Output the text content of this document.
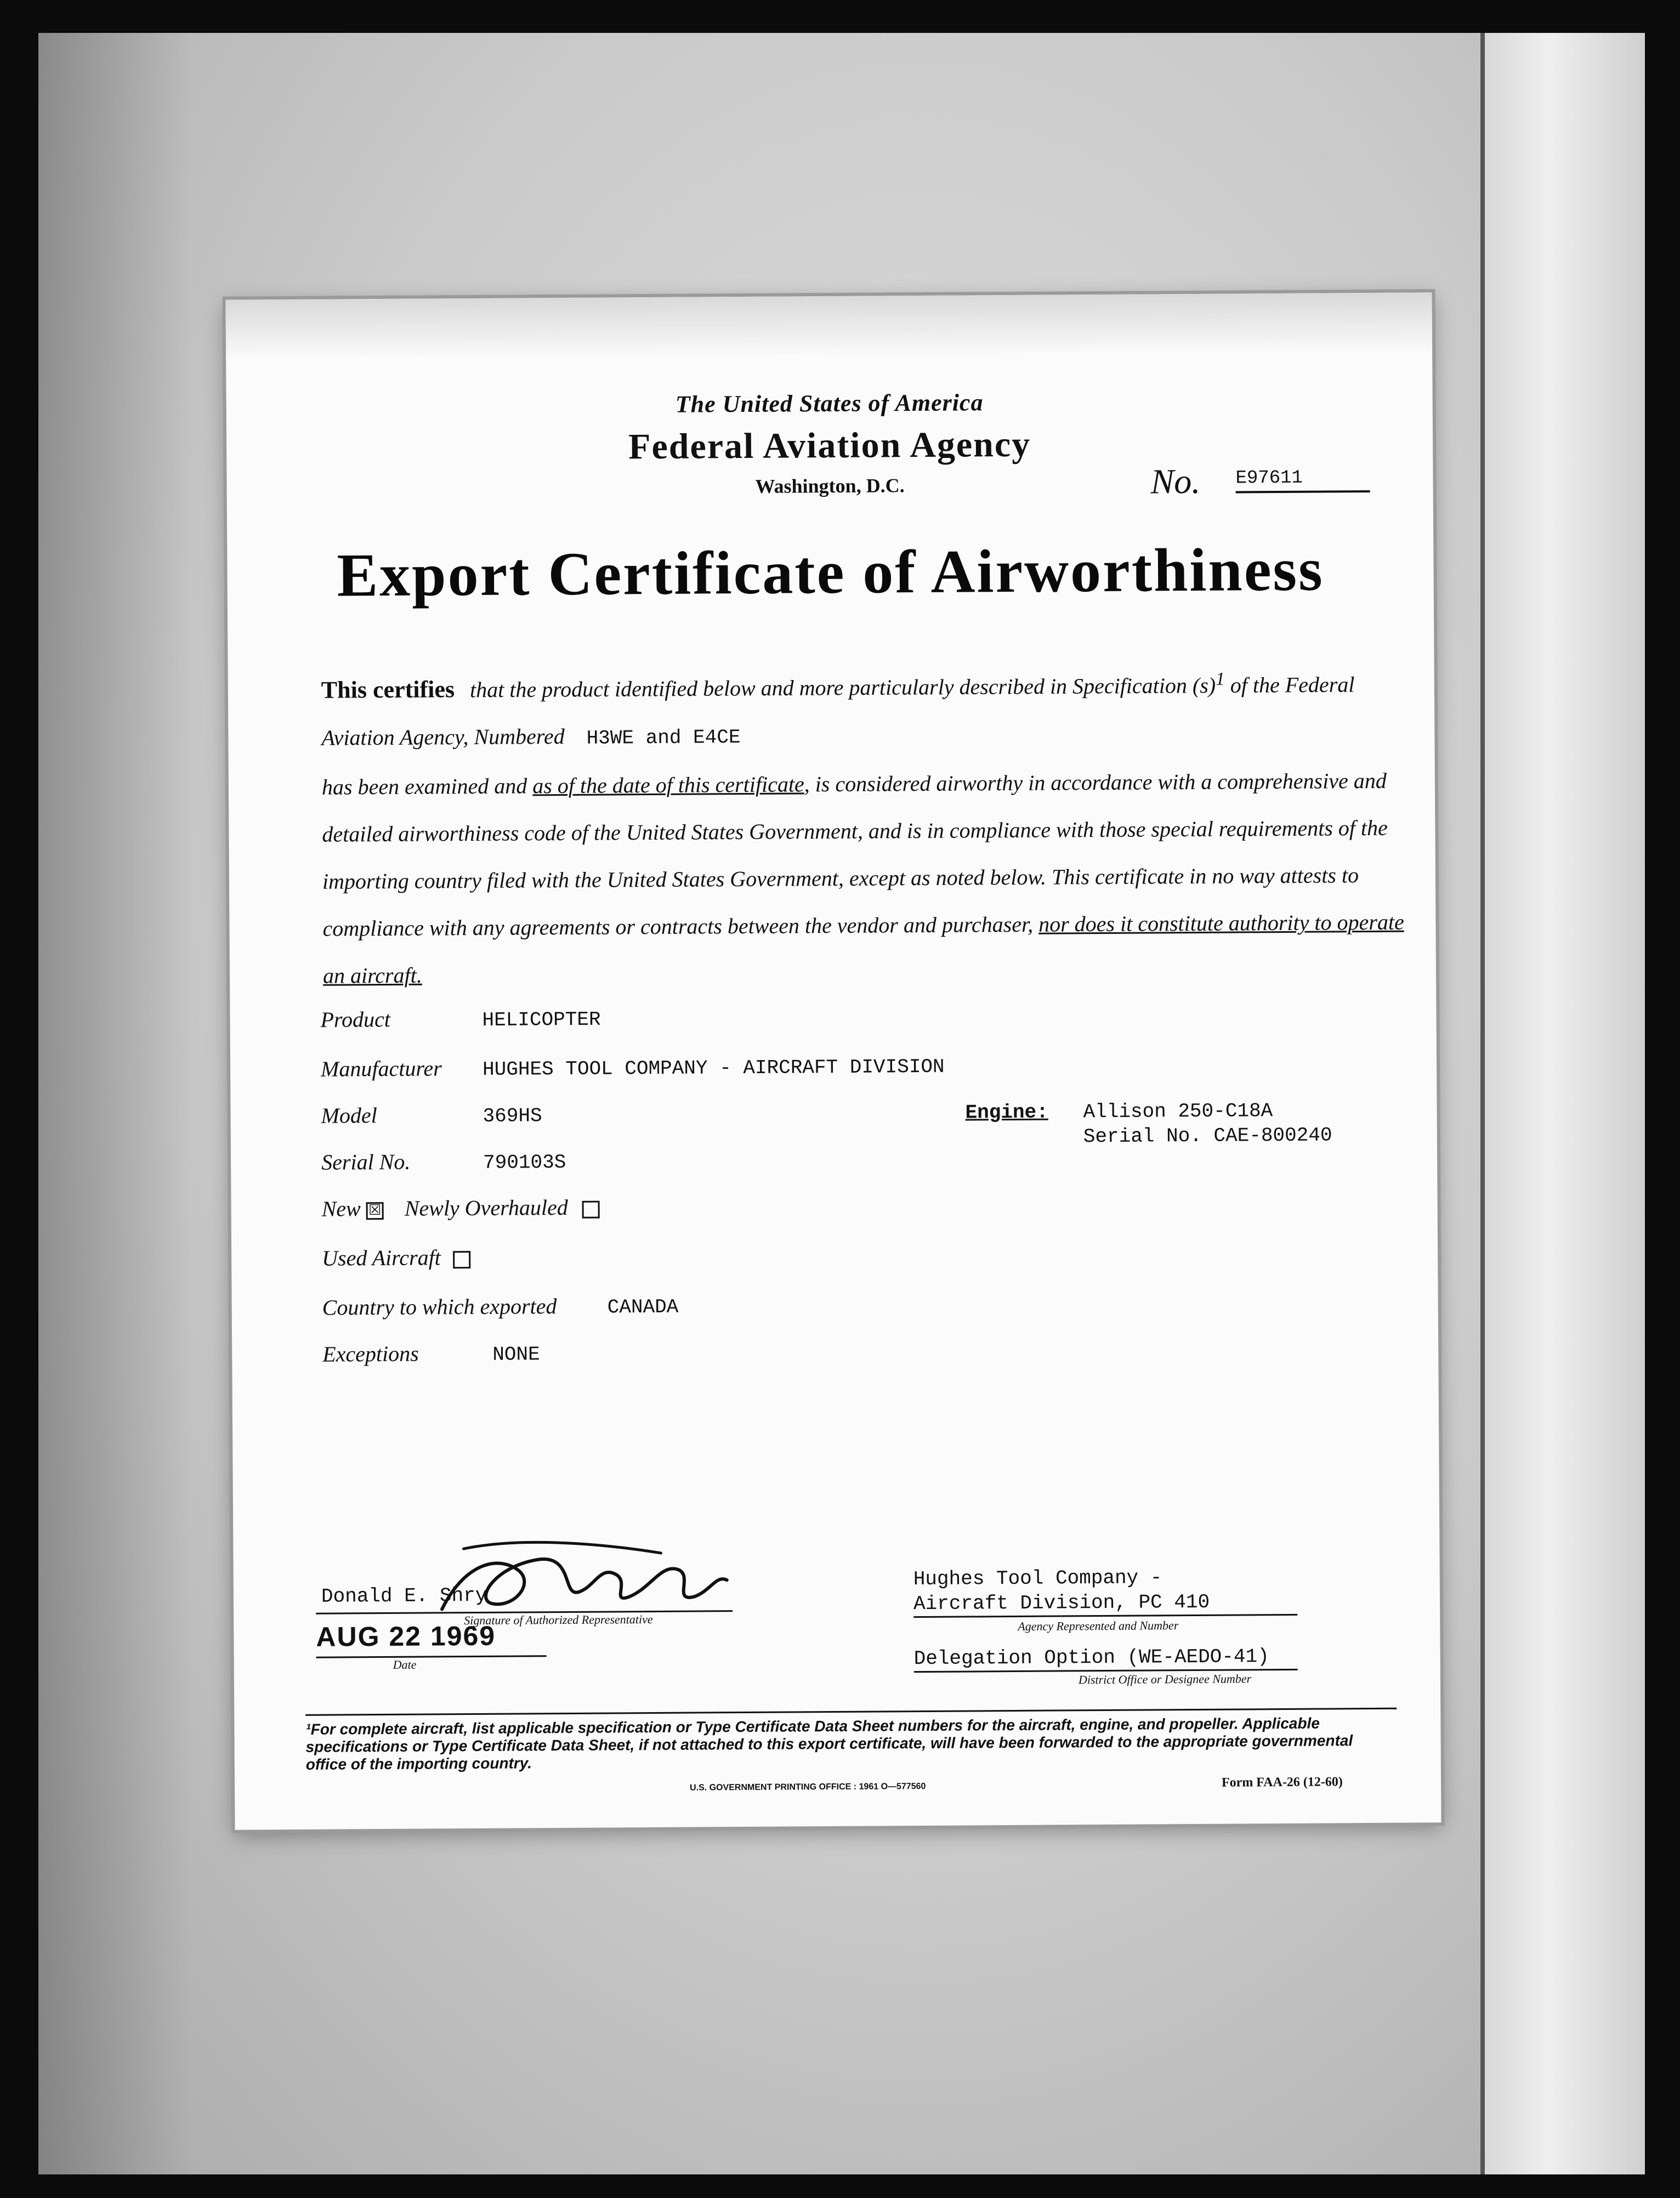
The United States of America
Federal Aviation Agency
Washington, D.C.	No. E97611
Export Certificate of Airworthiness
This certifies that the product identified below and more particularly described in Specification $(s)^1$ of the Federal Aviation Agency, Numbered H3WE and E4CE
has been examined and as of the date of this certificate, is considered airworthy in accordance with a comprehensive and detailed airworthiness code of the United States Government, and is in compliance with those special requirements of the importing country filed with the United States Government, except as noted below. This certificate in no way attests to compliance with any agreements or contracts between the vendor and purchaser, nor does it constitute authority to operate an aircraft.
Product	HELICOPTER
Manufacturer HUGHES TOOL COMPANY - AIRCRAFT DIVISION
Model	369HS
Serial No.	790103S
New ☒ Newly Overhauled
Used Aircraft
Country to which exported	CANADA
Exceptions	NONE
Engine: Allison 250-C18A
Serial No. CAE-800240
Donald E. Shry
Signature of Authorized Representative
AUG 22 1969
Date
Hughes Tool Company -
Aircraft Division, PC 410
Agency Represented and Number
Delegation Option (WE-AEDO-41)
District Office or Designee Number
¹For complete aircraft, list applicable specification or Type Certificate Data Sheet numbers for the aircraft, engine, and propeller. Applicable specifications or Type Certificate Data Sheet, if not attached to this export certificate, will have been forwarded to the appropriate governmental office of the importing country.
U.S. GOVERNMENT PRINTING OFFICE : 1961 O—577560	Form FAA-26 (12-60)
